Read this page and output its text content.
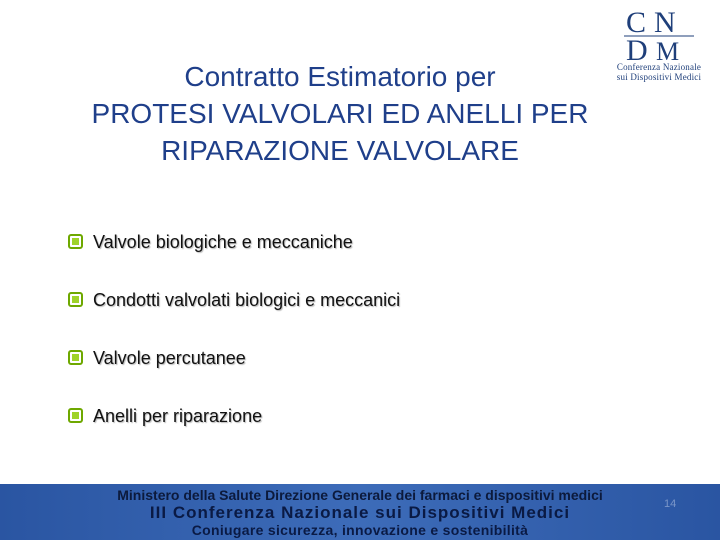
C N
D M
Conferenza Nazionale
sui Dispositivi Medici
Contratto Estimatorio per
PROTESI VALVOLARI ED ANELLI PER
RIPARAZIONE VALVOLARE
Valvole biologiche e meccaniche
Condotti valvolati biologici e meccanici
Valvole percutanee
Anelli per riparazione
Ministero della Salute Direzione Generale dei farmaci e dispositivi medici
III Conferenza Nazionale sui Dispositivi Medici
Coniugare sicurezza, innovazione e sostenibilità
14
